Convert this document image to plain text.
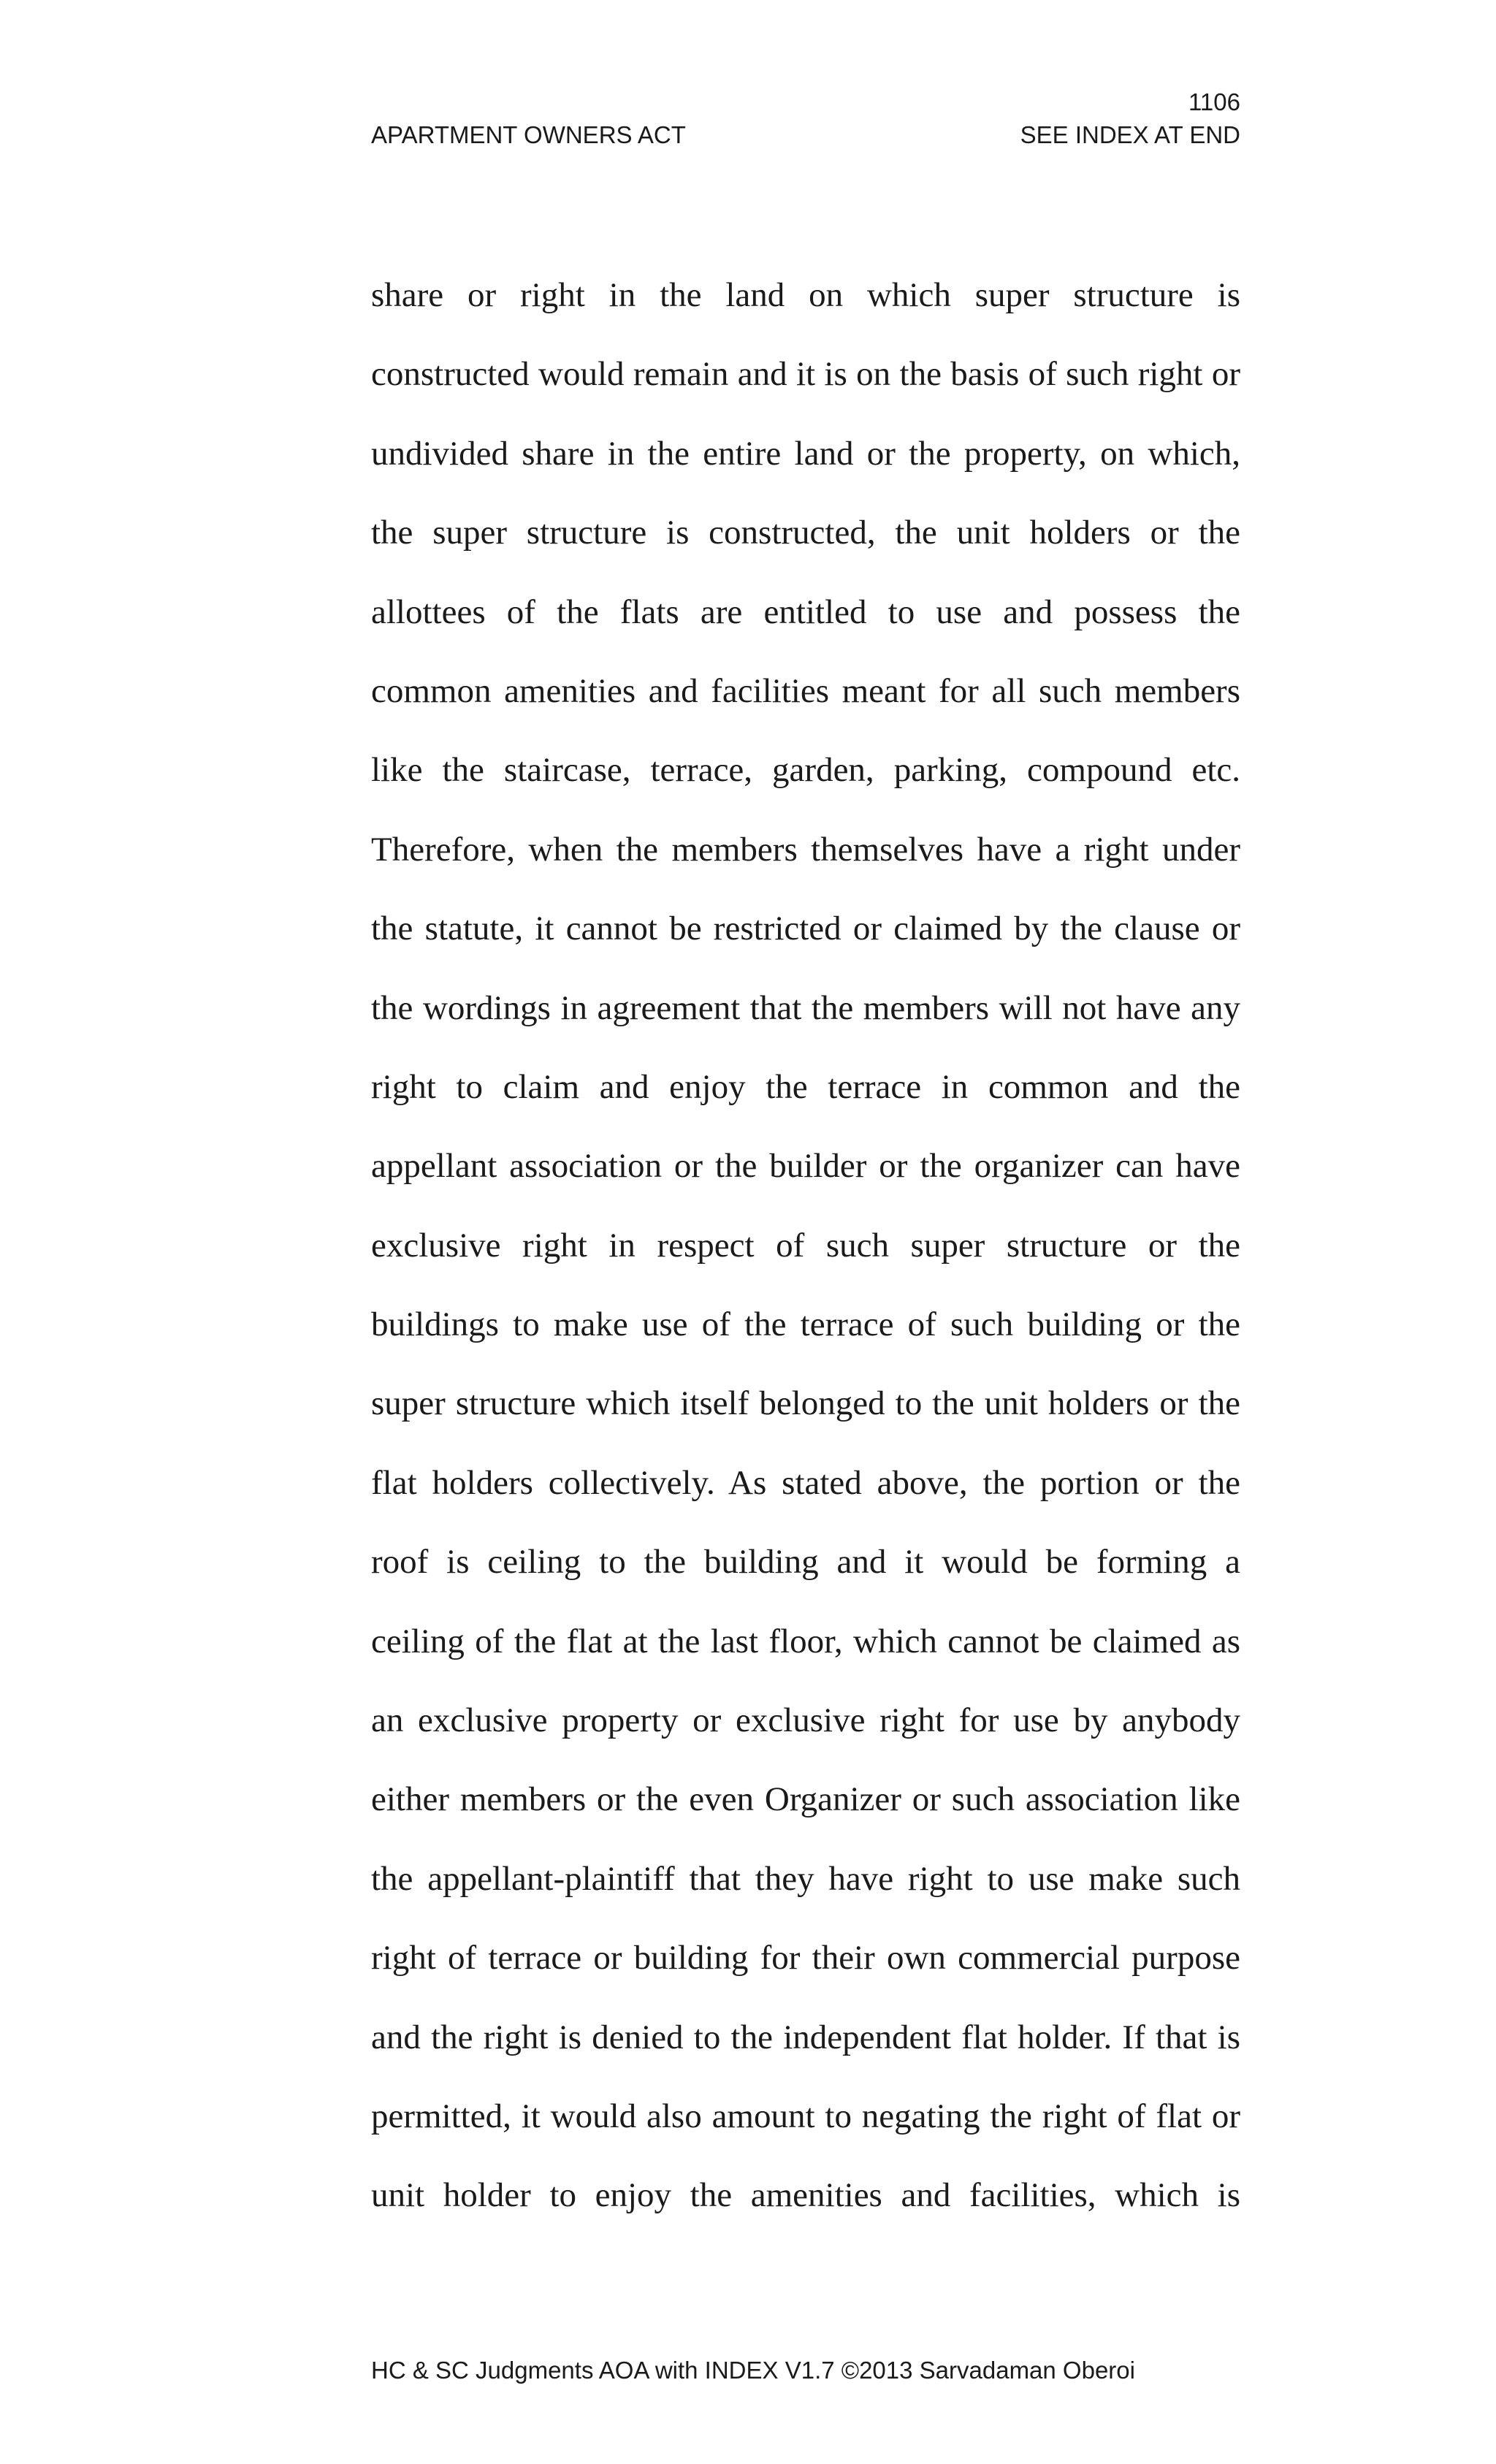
1106
APARTMENT OWNERS ACT	SEE INDEX AT END
share or right in the land on which super structure is
constructed would remain and it is on the basis of such right or
undivided share in the entire land or the property, on which,
the super structure is constructed, the unit holders or the
allottees of the flats are entitled to use and possess the
common amenities and facilities meant for all such members
like the staircase, terrace, garden, parking, compound etc.
Therefore, when the members themselves have a right under
the statute, it cannot be restricted or claimed by the clause or
the wordings in agreement that the members will not have any
right to claim and enjoy the terrace in common and the
appellant association or the builder or the organizer can have
exclusive right in respect of such super structure or the
buildings to make use of the terrace of such building or the
super structure which itself belonged to the unit holders or the
flat holders collectively. As stated above, the portion or the
roof is ceiling to the building and it would be forming a
ceiling of the flat at the last floor, which cannot be claimed as
an exclusive property or exclusive right for use by anybody
either members or the even Organizer or such association like
the appellant-plaintiff that they have right to use make such
right of terrace or building for their own commercial purpose
and the right is denied to the independent flat holder. If that is
permitted, it would also amount to negating the right of flat or
unit holder to enjoy the amenities and facilities, which is
HC & SC Judgments AOA with INDEX V1.7 ©2013 Sarvadaman Oberoi
